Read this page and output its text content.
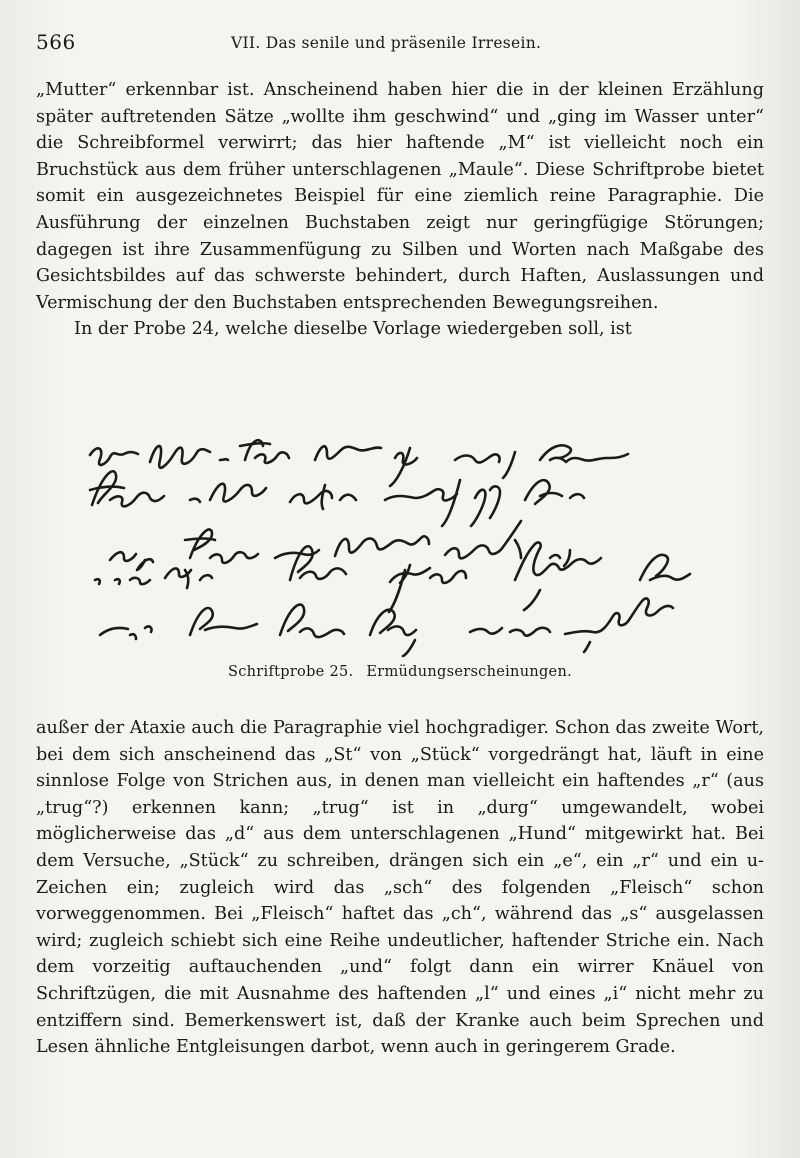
566	VII. Das senile und präsenile Irresein.

„Mutter“ erkennbar ist. Anscheinend haben hier die in der kleinen Erzählung später auftretenden Sätze „wollte ihm geschwind“ und „ging im Wasser unter“ die Schreibformel verwirrt; das hier haftende „M“ ist vielleicht noch ein Bruchstück aus dem früher unterschlagenen „Maule“. Diese Schriftprobe bietet somit ein ausgezeichnetes Beispiel für eine ziemlich reine Paragraphie. Die Ausführung der einzelnen Buchstaben zeigt nur geringfügige Störungen; dagegen ist ihre Zusammenfügung zu Silben und Worten nach Maßgabe des Gesichtsbildes auf das schwerste behindert, durch Haften, Auslassungen und Vermischung der den Buchstaben entsprechenden Bewegungsreihen.

In der Probe 24, welche dieselbe Vorlage wiedergeben soll, ist

Schriftprobe 25. Ermüdungserscheinungen.

außer der Ataxie auch die Paragraphie viel hochgradiger. Schon das zweite Wort, bei dem sich anscheinend das „St“ von „Stück“ vorgedrängt hat, läuft in eine sinnlose Folge von Strichen aus, in denen man vielleicht ein haftendes „r“ (aus „trug“?) erkennen kann; „trug“ ist in „durg“ umgewandelt, wobei möglicherweise das „d“ aus dem unterschlagenen „Hund“ mitgewirkt hat. Bei dem Versuche, „Stück“ zu schreiben, drängen sich ein „e“, ein „r“ und ein u-Zeichen ein; zugleich wird das „sch“ des folgenden „Fleisch“ schon vorweggenommen. Bei „Fleisch“ haftet das „ch“, während das „s“ ausgelassen wird; zugleich schiebt sich eine Reihe undeutlicher, haftender Striche ein. Nach dem vorzeitig auftauchenden „und“ folgt dann ein wirrer Knäuel von Schriftzügen, die mit Ausnahme des haftenden „l“ und eines „i“ nicht mehr zu entziffern sind. Bemerkenswert ist, daß der Kranke auch beim Sprechen und Lesen ähnliche Entgleisungen darbot, wenn auch in geringerem Grade.
